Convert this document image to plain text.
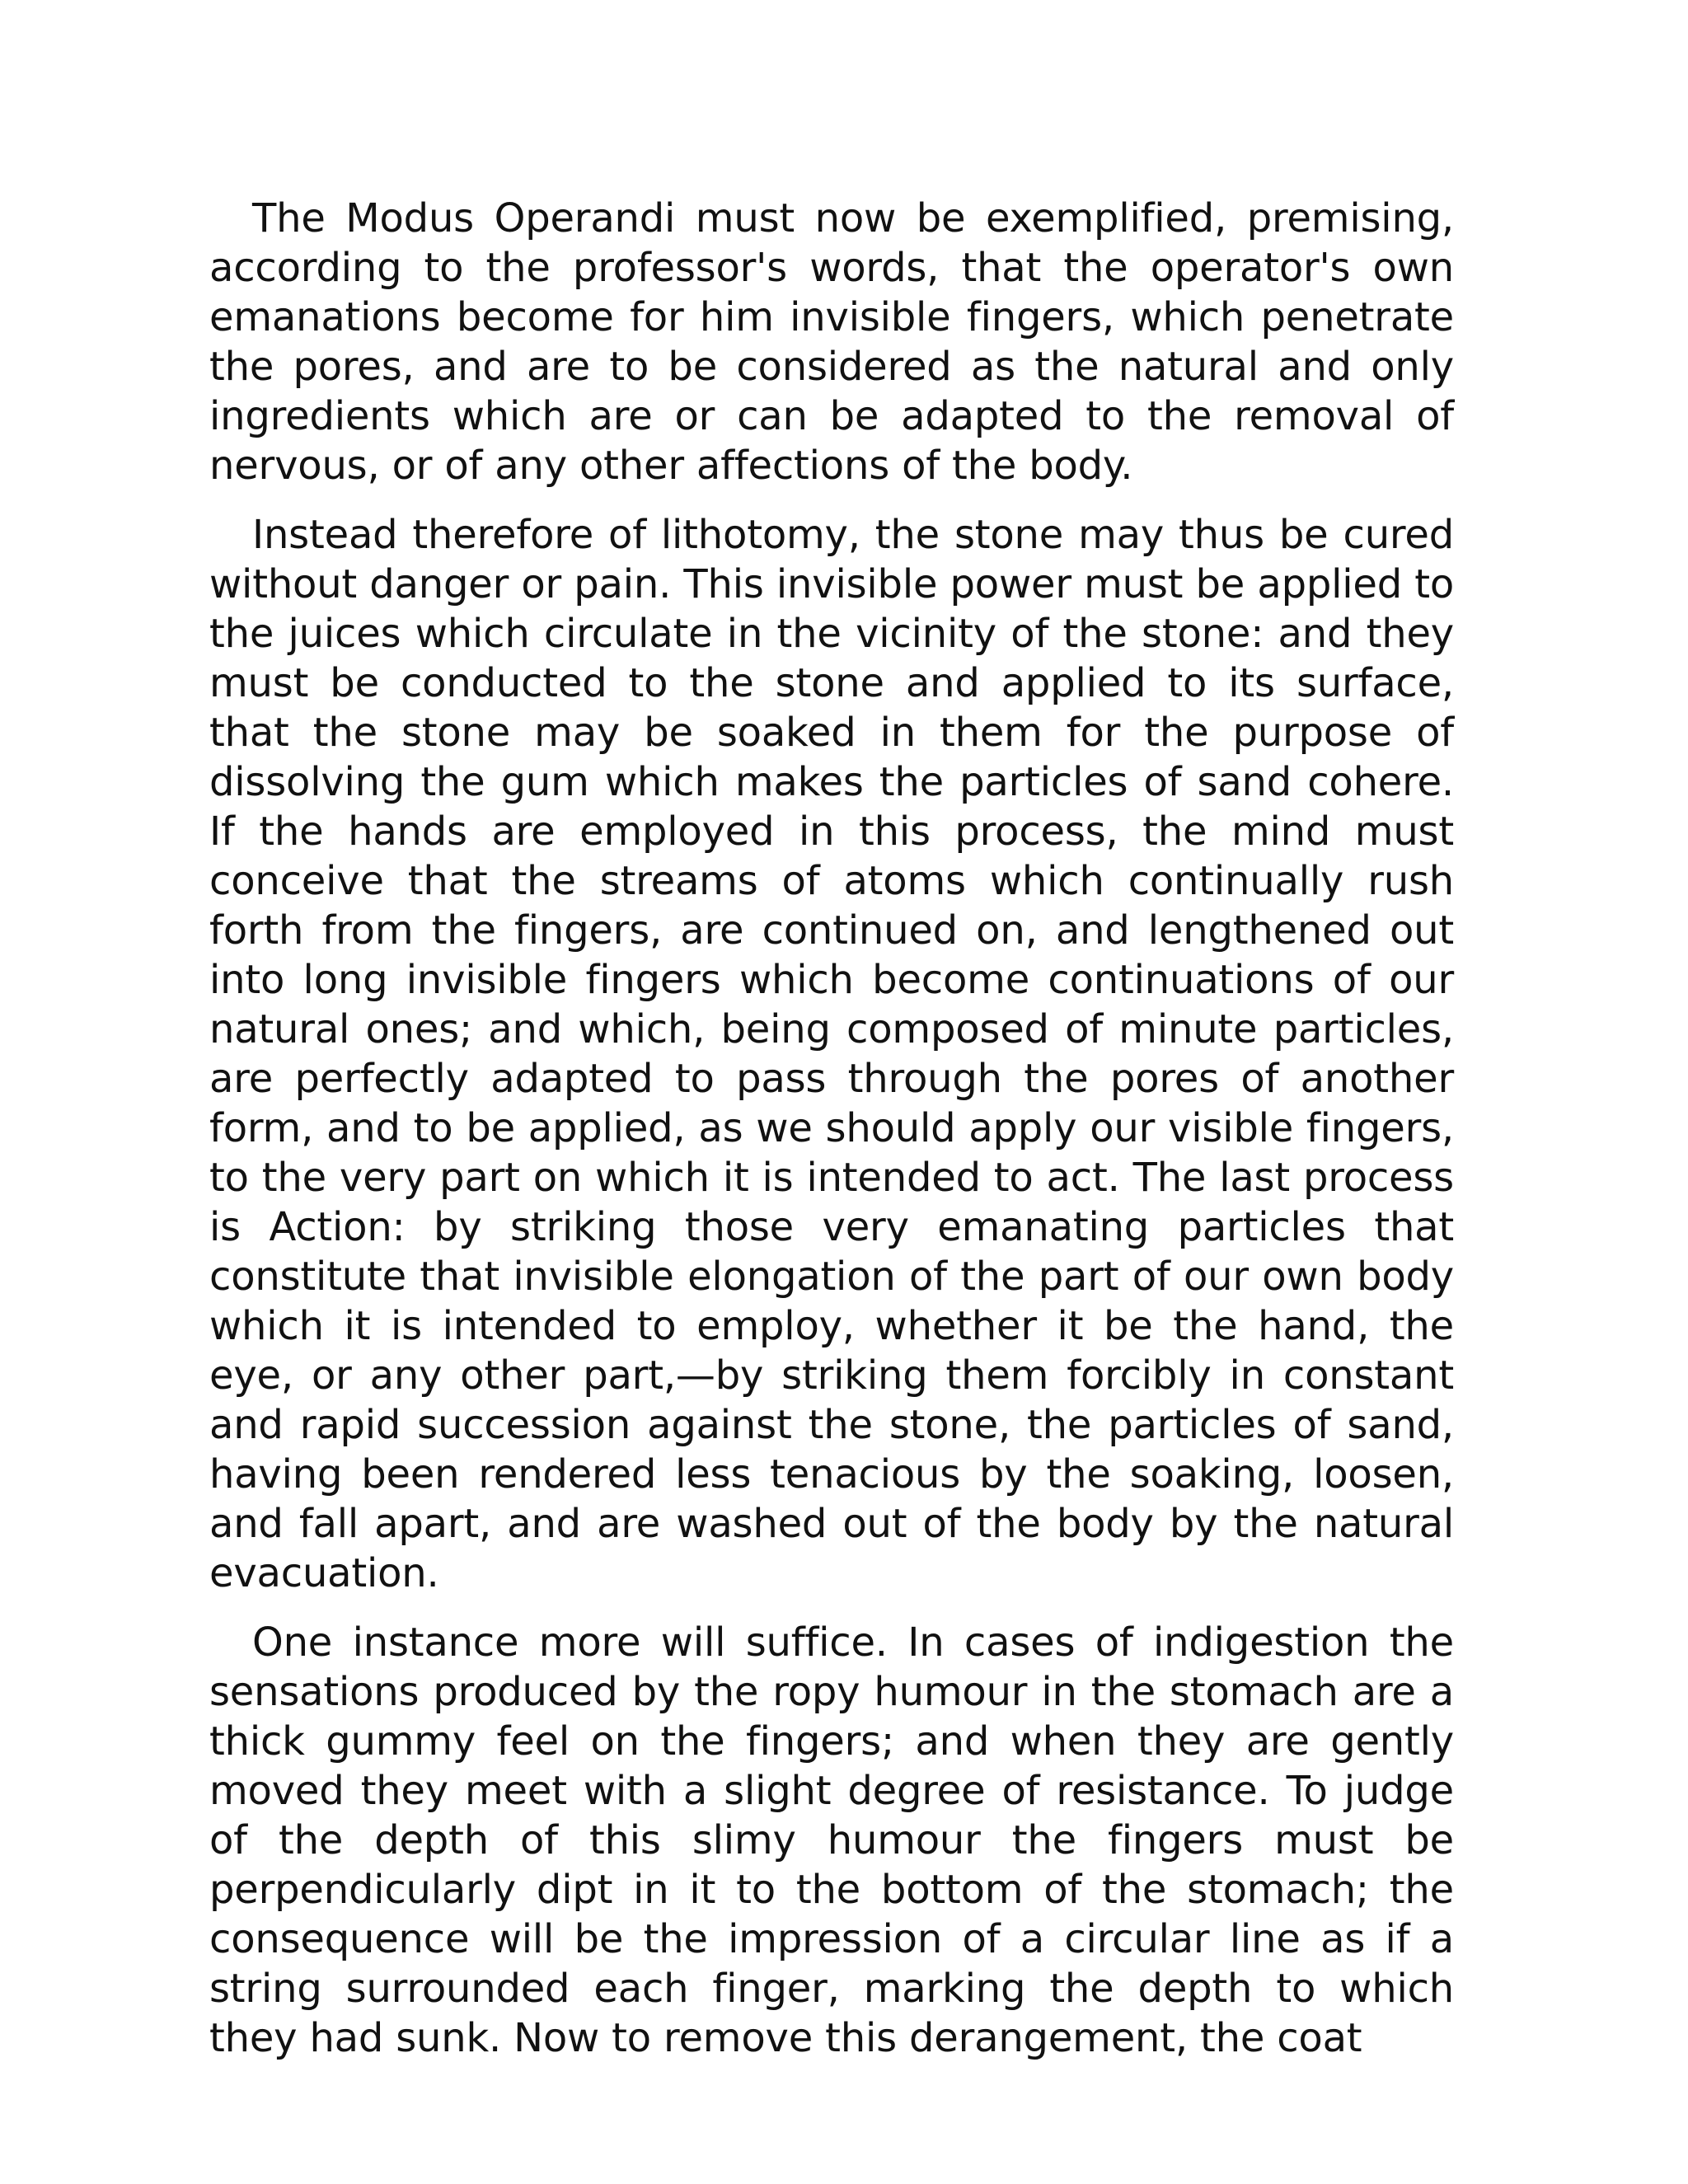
The Modus Operandi must now be exemplified, premising, according to the professor's words, that the operator's own emanations become for him invisible fingers, which penetrate the pores, and are to be considered as the natural and only ingredients which are or can be adapted to the removal of nervous, or of any other affections of the body.

Instead therefore of lithotomy, the stone may thus be cured without danger or pain. This invisible power must be applied to the juices which circulate in the vicinity of the stone: and they must be conducted to the stone and applied to its surface, that the stone may be soaked in them for the purpose of dissolving the gum which makes the particles of sand cohere. If the hands are employed in this process, the mind must conceive that the streams of atoms which continually rush forth from the fingers, are continued on, and lengthened out into long invisible fingers which become continuations of our natural ones; and which, being composed of minute particles, are perfectly adapted to pass through the pores of another form, and to be applied, as we should apply our visible fingers, to the very part on which it is intended to act. The last process is Action: by striking those very emanating particles that constitute that invisible elongation of the part of our own body which it is intended to employ, whether it be the hand, the eye, or any other part,—by striking them forcibly in constant and rapid succession against the stone, the particles of sand, having been rendered less tenacious by the soaking, loosen, and fall apart, and are washed out of the body by the natural evacuation.

One instance more will suffice. In cases of indigestion the sensations produced by the ropy humour in the stomach are a thick gummy feel on the fingers; and when they are gently moved they meet with a slight degree of resistance. To judge of the depth of this slimy humour the fingers must be perpendicularly dipt in it to the bottom of the stomach; the consequence will be the impression of a circular line as if a string surrounded each finger, marking the depth to which they had sunk. Now to remove this derangement, the coat
